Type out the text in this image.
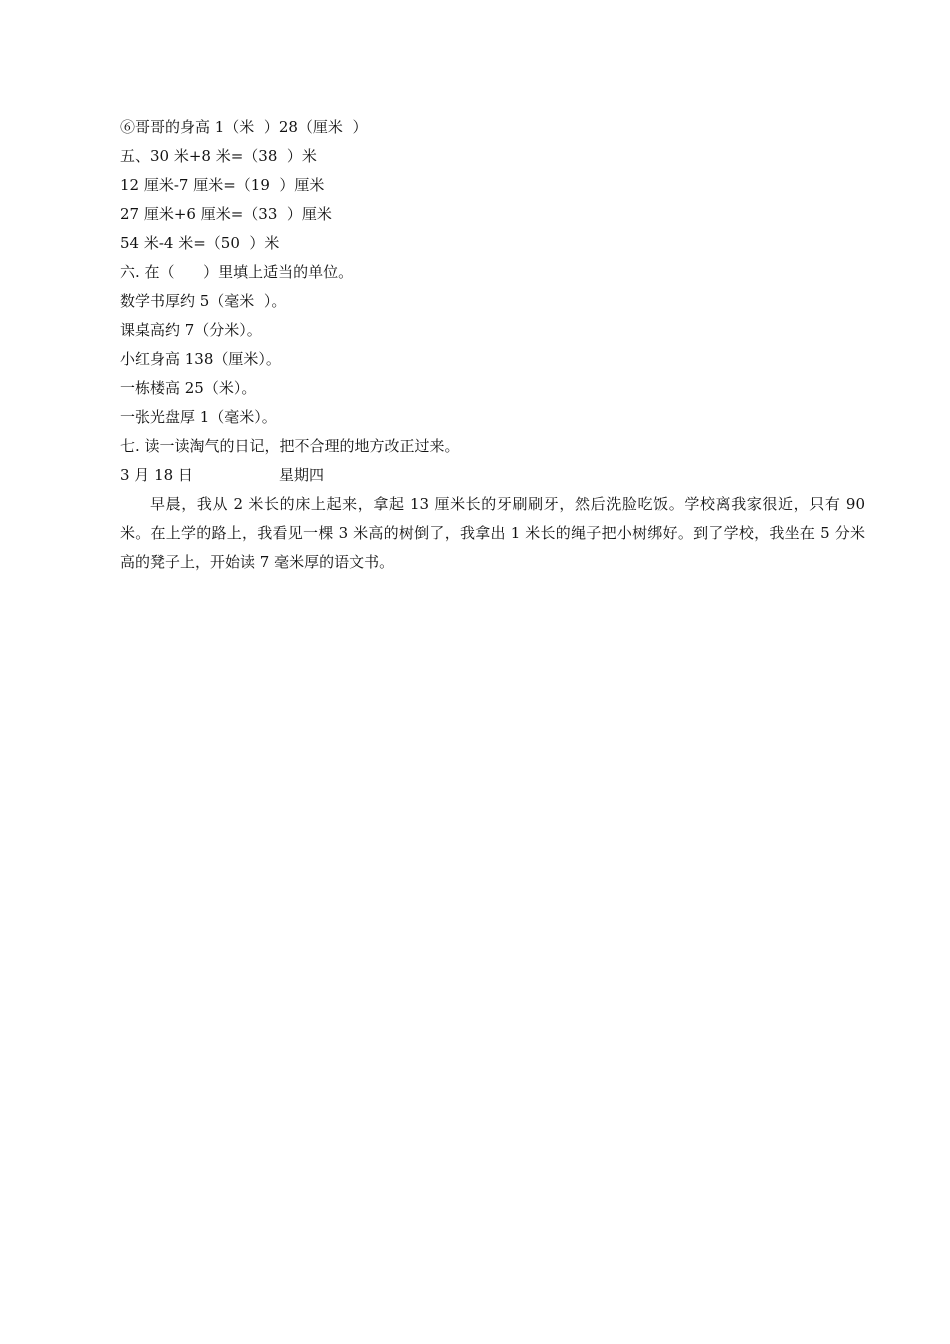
⑥哥哥的身高 1（米  ）28（厘米  ）
五、30 米+8 米=（38  ）米
12 厘米-7 厘米=（19  ）厘米
27 厘米+6 厘米=（33  ）厘米
54 米-4 米=（50  ）米
六. 在（      ）里填上适当的单位。
数学书厚约 5（毫米  ）。
课桌高约 7（分米）。
小红身高 138（厘米）。
一栋楼高 25（米）。
一张光盘厚 1（毫米）。
七. 读一读淘气的日记，把不合理的地方改正过来。
3 月 18 日	星期四

早晨，我从 2 米长的床上起来，拿起 13 厘米长的牙刷刷牙，然后洗脸吃饭。学校离我家很近，只有 90 米。在上学的路上，我看见一棵 3 米高的树倒了，我拿出 1 米长的绳子把小树绑好。到了学校，我坐在 5 分米高的凳子上，开始读 7 毫米厚的语文书。
